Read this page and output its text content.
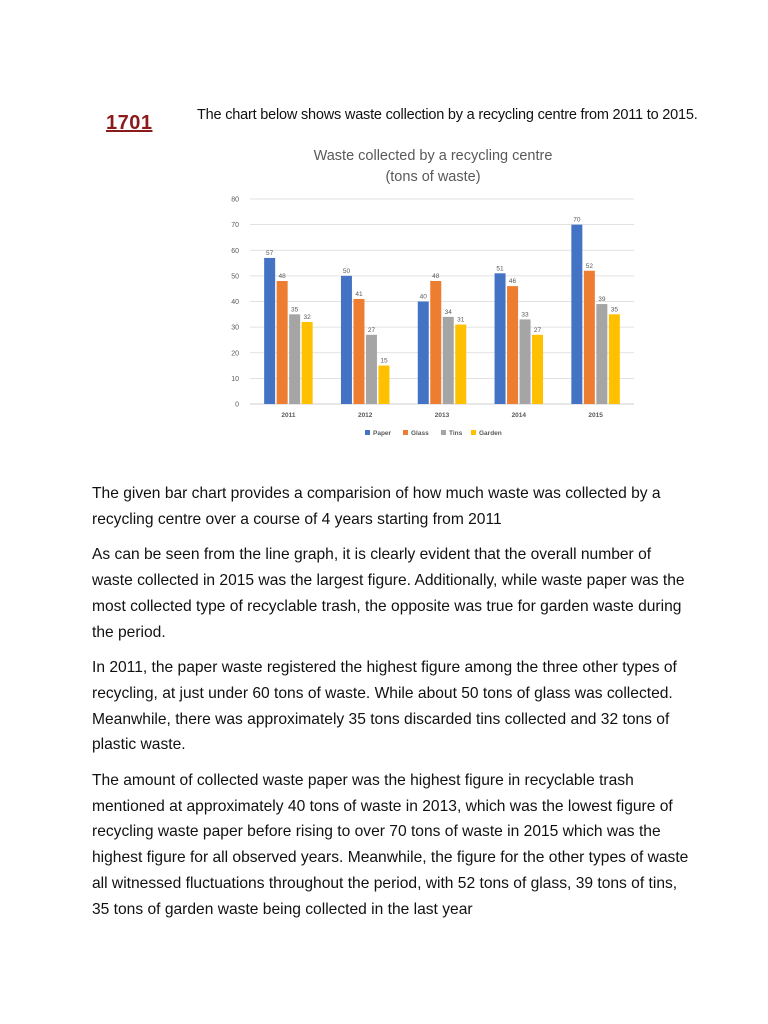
1701	The chart below shows waste collection by a recycling centre from 2011 to 2015.
Waste collected by a recycling centre
(tons of waste)
0
10
20
30
40
50
60
70
80
57
48
35
32
50
41
27
15
40
48
34
31
51
46
33
27
70
52
39
35
2011	2012	2013	2014	2015
Paper	Glass	Tins	Garden

The given bar chart provides a comparision of how much waste was collected by a recycling centre over a course of 4 years starting from 2011

As can be seen from the line graph, it is clearly evident that the overall number of waste collected in 2015 was the largest figure. Additionally, while waste paper was the most collected type of recyclable trash, the opposite was true for garden waste during the period.

In 2011, the paper waste registered the highest figure among the three other types of recycling, at just under 60 tons of waste. While about 50 tons of glass was collected. Meanwhile, there was approximately 35 tons discarded tins collected and 32 tons of plastic waste.

The amount of collected waste paper was the highest figure in recyclable trash mentioned at approximately 40 tons of waste in 2013, which was the lowest figure of recycling waste paper before rising to over 70 tons of waste in 2015 which was the highest figure for all observed years. Meanwhile, the figure for the other types of waste all witnessed fluctuations throughout the period, with 52 tons of glass, 39 tons of tins, 35 tons of garden waste being collected in the last year
